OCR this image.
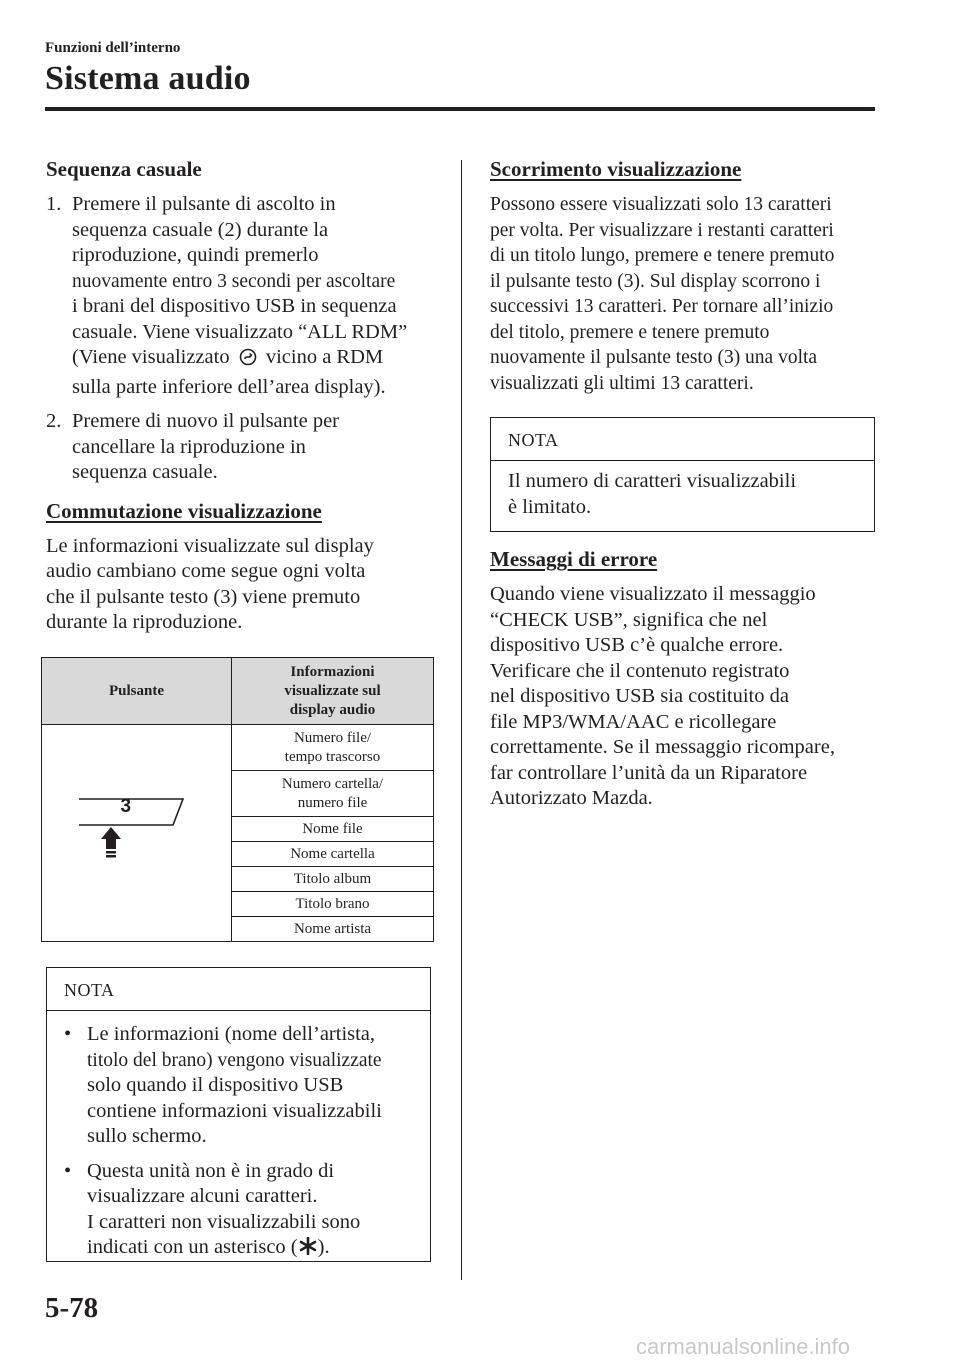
Funzioni dell’interno
Sistema audio
Sequenza casuale
1. Premere il pulsante di ascolto in
sequenza casuale (2) durante la
riproduzione, quindi premerlo
nuovamente entro 3 secondi per ascoltare
i brani del dispositivo USB in sequenza
casuale. Viene visualizzato “ALL RDM”
(Viene visualizzato vicino a RDM
sulla parte inferiore dell’area display).
2. Premere di nuovo il pulsante per
cancellare la riproduzione in
sequenza casuale.
Commutazione visualizzazione
Le informazioni visualizzate sul display
audio cambiano come segue ogni volta
che il pulsante testo (3) viene premuto
durante la riproduzione.
Pulsante	Informazioni
visualizzate sul
display audio

3	Numero file/
tempo trascorso

	Numero cartella/
numero file

	Nome file
	Nome cartella
	Titolo album
	Titolo brano
	Nome artista
NOTA
• Le informazioni (nome dell’artista,
titolo del brano) vengono visualizzate
solo quando il dispositivo USB
contiene informazioni visualizzabili
sullo schermo.
• Questa unità non è in grado di
visualizzare alcuni caratteri.
I caratteri non visualizzabili sono
indicati con un asterisco ( ).
Scorrimento visualizzazione
Possono essere visualizzati solo 13 caratteri
per volta. Per visualizzare i restanti caratteri
di un titolo lungo, premere e tenere premuto
il pulsante testo (3). Sul display scorrono i
successivi 13 caratteri. Per tornare all’inizio
del titolo, premere e tenere premuto
nuovamente il pulsante testo (3) una volta
visualizzati gli ultimi 13 caratteri.
NOTA
Il numero di caratteri visualizzabili
è limitato.
Messaggi di errore
Quando viene visualizzato il messaggio
“CHECK USB”, significa che nel
dispositivo USB c’è qualche errore.
Verificare che il contenuto registrato
nel dispositivo USB sia costituito da
file MP3/WMA/AAC e ricollegare
correttamente. Se il messaggio ricompare,
far controllare l’unità da un Riparatore
Autorizzato Mazda.
5-78
carmanualsonline.info
